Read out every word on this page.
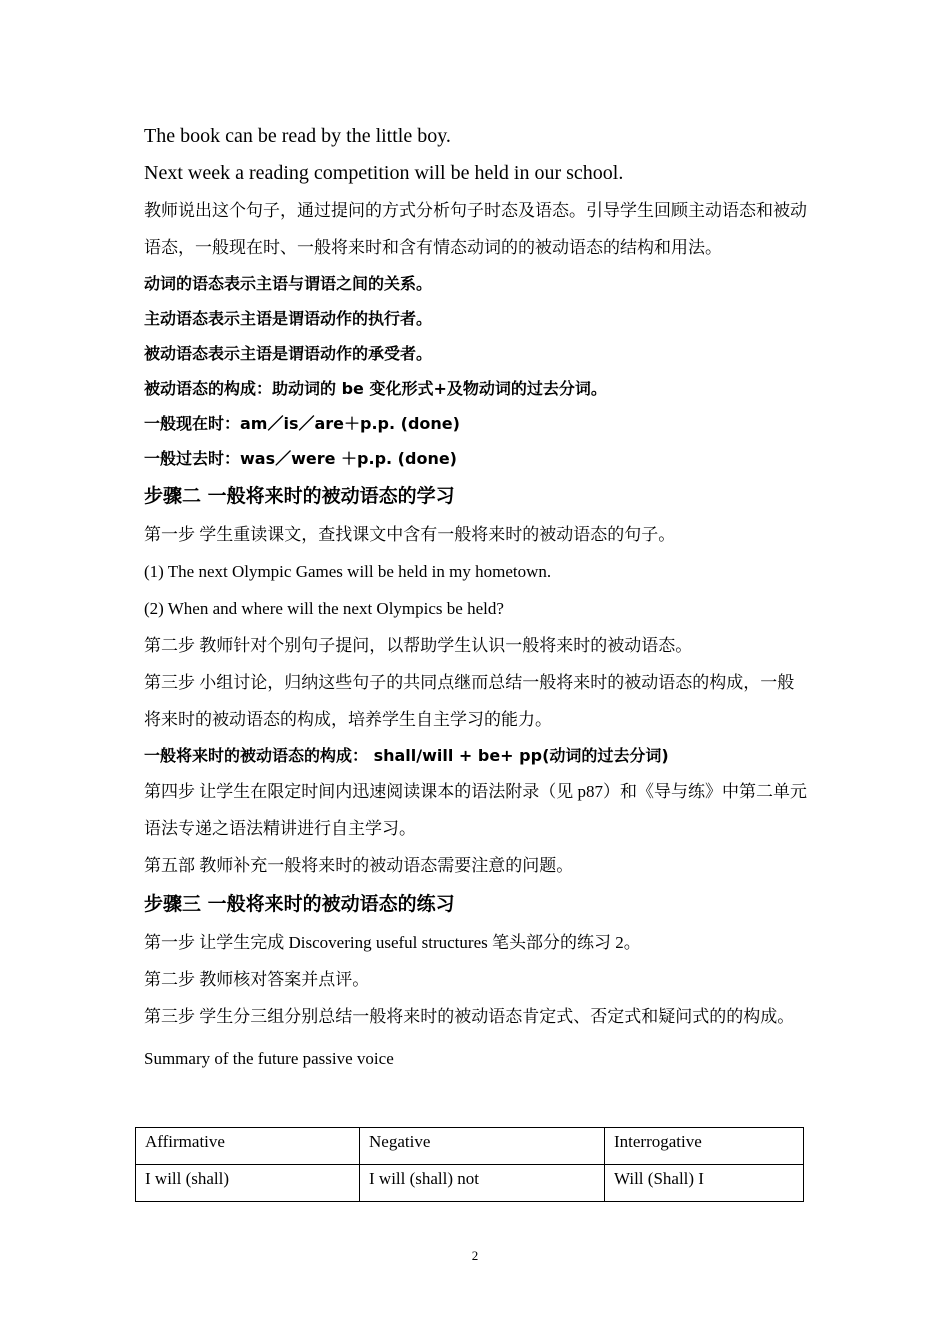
The book can be read by the little boy.

Next week a reading competition will be held in our school.

教师说出这个句子，通过提问的方式分析句子时态及语态。引导学生回顾主动语态和被动语态，一般现在时、一般将来时和含有情态动词的的被动语态的结构和用法。

动词的语态表示主语与谓语之间的关系。

主动语态表示主语是谓语动作的执行者。

被动语态表示主语是谓语动作的承受者。

被动语态的构成：助动词的 be 变化形式+及物动词的过去分词。

一般现在时：am／is／are＋p.p. (done)

一般过去时：was／were ＋p.p. (done)

步骤二 一般将来时的被动语态的学习

第一步 学生重读课文，查找课文中含有一般将来时的被动语态的句子。

(1) The next Olympic Games will be held in my hometown.

(2) When and where will the next Olympics be held?

第二步 教师针对个别句子提问，以帮助学生认识一般将来时的被动语态。

第三步 小组讨论，归纳这些句子的共同点继而总结一般将来时的被动语态的构成，一般将来时的被动语态的构成，培养学生自主学习的能力。

一般将来时的被动语态的构成： shall/will + be+ pp(动词的过去分词)

第四步 让学生在限定时间内迅速阅读课本的语法附录（见 p87）和《导与练》中第二单元语法专递之语法精讲进行自主学习。

第五部 教师补充一般将来时的被动语态需要注意的问题。

步骤三 一般将来时的被动语态的练习

第一步 让学生完成 Discovering useful structures 笔头部分的练习 2。

第二步 教师核对答案并点评。

第三步 学生分三组分别总结一般将来时的被动语态肯定式、否定式和疑问式的的构成。

Summary of the future passive voice

Affirmative	Negative	Interrogative
I will (shall)	I will (shall) not	Will (Shall) I
2
